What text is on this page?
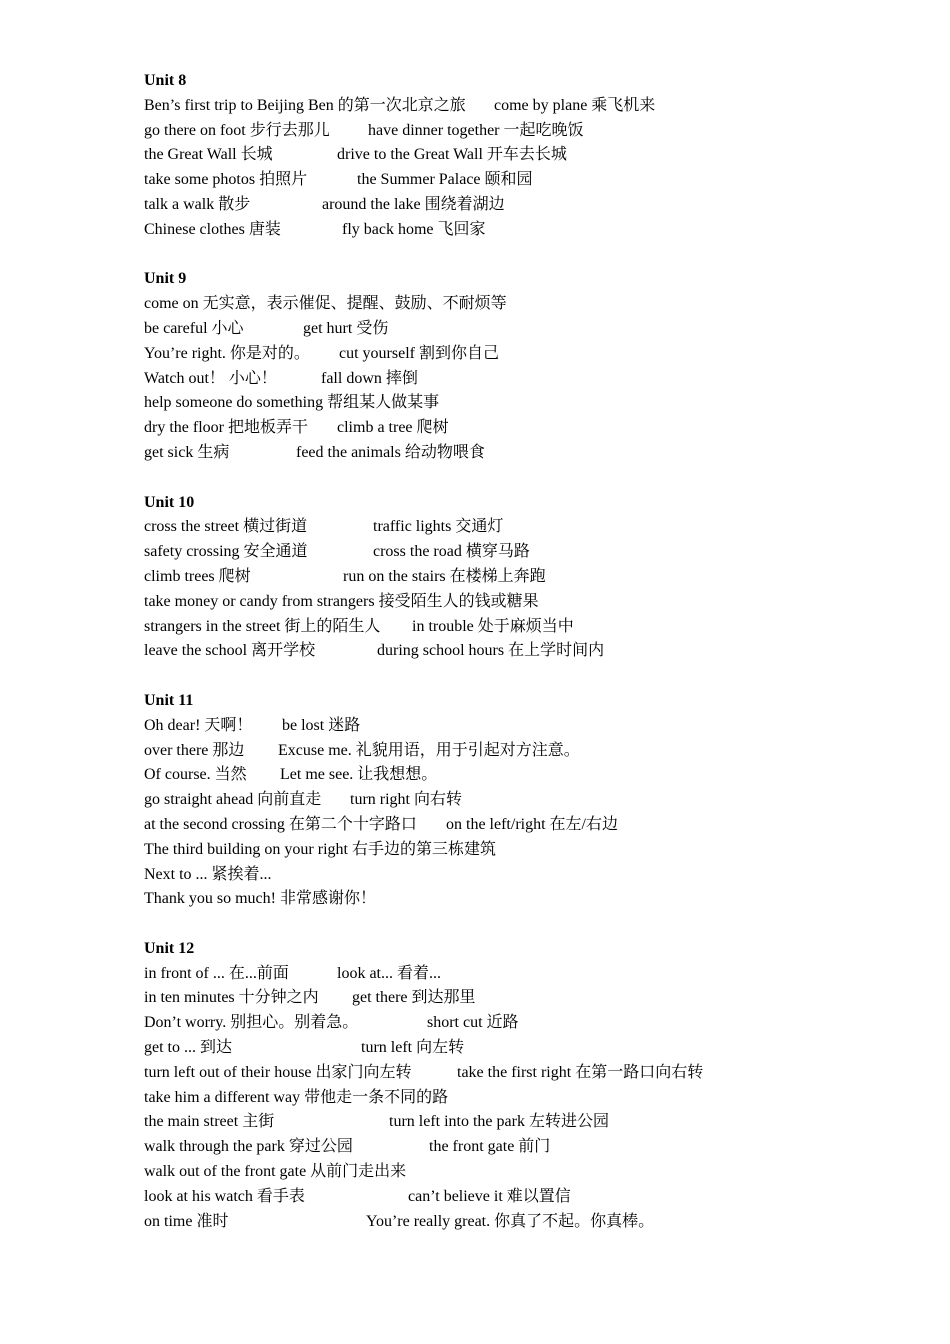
Unit 8
Ben’s first trip to Beijing Ben 的第一次北京之旅 come by plane 乘飞机来
go there on foot 步行去那儿 have dinner together 一起吃晚饭
the Great Wall 长城	drive to the Great Wall 开车去长城
take some photos 拍照片	the Summer Palace 颐和园
talk a walk 散步	around the lake 围绕着湖边
Chinese clothes 唐装	fly back home 飞回家
Unit 9
come on 无实意，表示催促、提醒、鼓励、不耐烦等
be careful 小心	get hurt 受伤
You’re right. 你是对的。 cut yourself 割到你自己
Watch out！ 小心！	fall down 摔倒
help someone do something 帮组某人做某事
dry the floor 把地板弄干 climb a tree 爬树
get sick 生病	feed the animals 给动物喂食
Unit 10
cross the street 横过街道	traffic lights 交通灯
safety crossing 安全通道	cross the road 横穿马路
climb trees 爬树	run on the stairs 在楼梯上奔跑
take money or candy from strangers 接受陌生人的钱或糖果
strangers in the street 街上的陌生人 in trouble 处于麻烦当中
leave the school 离开学校	during school hours 在上学时间内
Unit 11
Oh dear! 天啊！ be lost 迷路
over there 那边 Excuse me. 礼貌用语，用于引起对方注意。
Of course. 当然 Let me see. 让我想想。
go straight ahead 向前直走 turn right 向右转
at the second crossing 在第二个十字路口 on the left/right 在左/右边
The third building on your right 右手边的第三栋建筑
Next to ... 紧挨着...
Thank you so much! 非常感谢你！
Unit 12
in front of ... 在...前面	look at... 看着...
in ten minutes 十分钟之内 get there 到达那里
Don’t worry. 别担心。别着急。	short cut 近路
get to ... 到达	turn left 向左转
turn left out of their house 出家门向左转	take the first right 在第一路口向右转
take him a different way 带他走一条不同的路
the main street 主街	turn left into the park 左转进公园
walk through the park 穿过公园	the front gate 前门
walk out of the front gate 从前门走出来
look at his watch 看手表	can’t believe it 难以置信
on time 准时	You’re really great. 你真了不起。你真棒。
